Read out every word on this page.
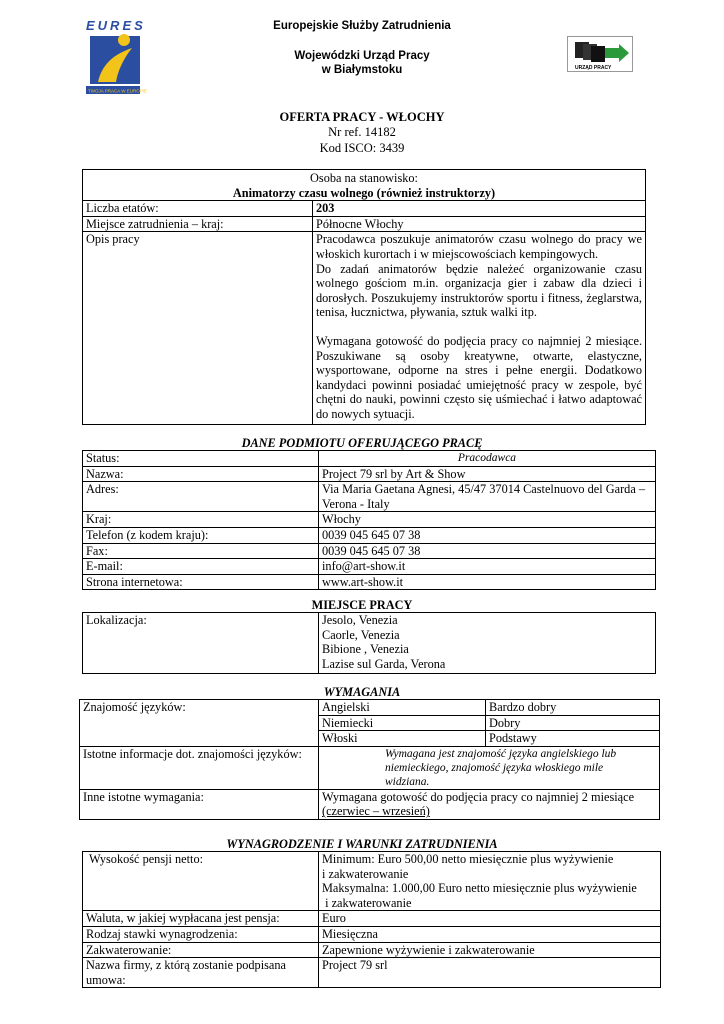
EURES
TWOJA PRACA W EUROPIE
Europejskie Służby Zatrudnienia
Wojewódzki Urząd Pracy
w Białymstoku	URZĄD PRACY
OFERTA PRACY - WŁOCHY
Nr ref. 14182
Kod ISCO: 3439
Osoba na stanowisko:
Animatorzy czasu wolnego (również instruktorzy)	

Liczba etatów:	203
Miejsce zatrudnienia – kraj:	Północne Włochy
Opis pracy	Pracodawca poszukuje animatorów czasu wolnego do pracy we włoskich kurortach i w miejscowościach kempingowych.
Do zadań animatorów będzie należeć organizowanie czasu wolnego gościom m.in. organizacja gier i zabaw dla dzieci i dorosłych. Poszukujemy instruktorów sportu i fitness, żeglarstwa, tenisa, łucznictwa, pływania, sztuk walki itp.
Wymagana gotowość do podjęcia pracy co najmniej 2 miesiące. Poszukiwane są osoby kreatywne, otwarte, elastyczne, wysportowane, odporne na stres i pełne energii. Dodatkowo kandydaci powinni posiadać umiejętność pracy w zespole, być chętni do nauki, powinni często się uśmiechać i łatwo adaptować do nowych sytuacji.
DANE PODMIOTU OFERUJĄCEGO PRACĘ
Status:	Pracodawca
Nazwa:	Project 79 srl by Art & Show
Adres:	Via Maria Gaetana Agnesi, 45/47 37014 Castelnuovo del Garda –
Verona - Italy

Kraj:	Włochy
Telefon (z kodem kraju):	0039 045 645 07 38
Fax:	0039 045 645 07 38
E-mail:	info@art-show.it
Strona internetowa:	www.art-show.it
MIEJSCE PRACY
Lokalizacja:	Jesolo, Venezia
Caorle, Venezia
Bibione , Venezia
Lazise sul Garda, Verona
WYMAGANIA
Znajomość języków:	Angielski	Bardzo dobry
	Niemiecki	Dobry
	Włoski	Podstawy
Istotne informacje dot. znajomości języków:	Wymagana jest znajomość języka angielskiego lub niemieckiego, znajomość języka włoskiego mile widziana.	
Inne istotne wymagania:	Wymagana gotowość do podjęcia pracy co najmniej 2 miesiące
(czerwiec – wrzesień)	
WYNAGRODZENIE I WARUNKI ZATRUDNIENIA
Wysokość pensji netto:	Minimum: Euro 500,00 netto miesięcznie plus wyżywienie
i zakwaterowanie
Maksymalna: 1.000,00 Euro netto miesięcznie plus wyżywienie
i zakwaterowanie

Waluta, w jakiej wypłacana jest pensja:	Euro
Rodzaj stawki wynagrodzenia:	Miesięczna
Zakwaterowanie:	Zapewnione wyżywienie i zakwaterowanie
Nazwa firmy, z którą zostanie podpisana umowa:	Project 79 srl
